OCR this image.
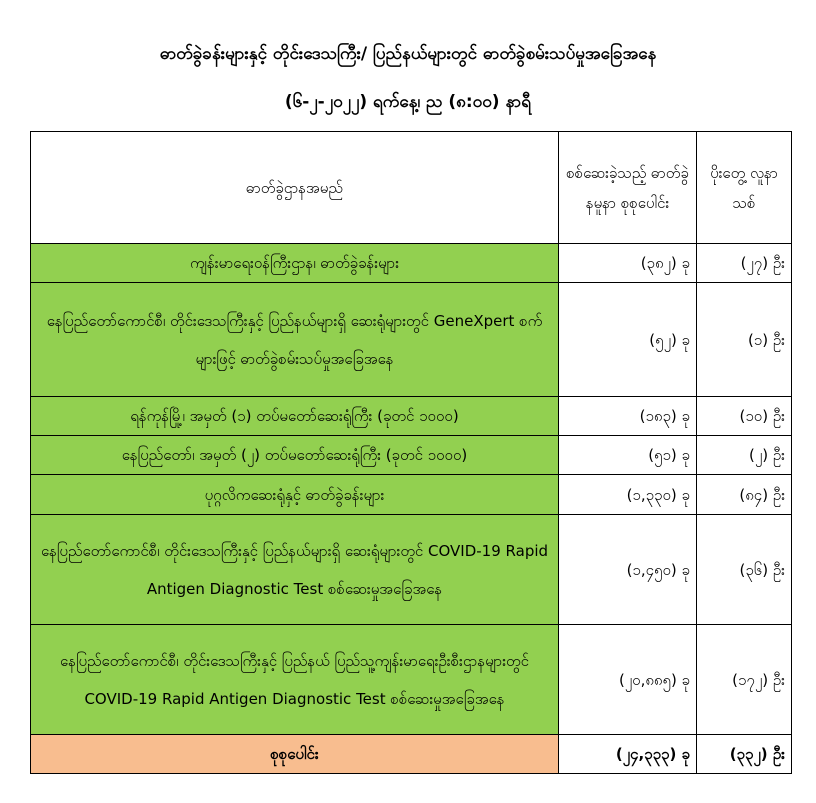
ဓာတ်ခွဲခန်းများနှင့် တိုင်းဒေသကြီး/ ပြည်နယ်များတွင် ဓာတ်ခွဲစမ်းသပ်မှုအခြေအနေ
(၆-၂-၂၀၂၂) ရက်နေ့၊ ည (၈:၀၀) နာရီ
ဓာတ်ခွဲဌာနအမည်	စစ်ဆေးခဲ့သည့် ဓာတ်ခွဲနမူနာ စုစုပေါင်း	ပိုးတွေ့ လူနာသစ်
ကျန်းမာရေး၀န်ကြီးဌာန၊ ဓာတ်ခွဲခန်းများ	(၃၈၂) ခု	(၂၇) ဦး
နေပြည်တော်ကောင်စီ၊ တိုင်းဒေသကြီးနှင့် ပြည်နယ်များရှိ ဆေးရုံများတွင် GeneXpert စက်များဖြင့် ဓာတ်ခွဲစမ်းသပ်မှုအခြေအနေ	(၅၂) ခု	(၁) ဦး
ရန်ကုန်မြို့၊ အမှတ် (၁) တပ်မတော်ဆေးရုံကြီး (ခုတင် ၁၀၀၀)	(၁၈၃) ခု	(၁၀) ဦး
နေပြည်တော်၊ အမှတ် (၂) တပ်မတော်ဆေးရုံကြီး (ခုတင် ၁၀၀၀)	(၅၁) ခု	(၂) ဦး
ပုဂ္ဂလိကဆေးရုံနှင့် ဓာတ်ခွဲခန်းများ	(၁,၃၃၀) ခု	(၈၄) ဦး
နေပြည်တော်ကောင်စီ၊ တိုင်းဒေသကြီးနှင့် ပြည်နယ်များရှိ ဆေးရုံများတွင် COVID-19 Rapid Antigen Diagnostic Test စစ်ဆေးမှုအခြေအနေ	(၁,၄၅၀) ခု	(၃၆) ဦး
နေပြည်တော်ကောင်စီ၊ တိုင်းဒေသကြီးနှင့် ပြည်နယ် ပြည်သူ့ကျန်းမာရေးဦးစီးဌာနများတွင် COVID-19 Rapid Antigen Diagnostic Test စစ်ဆေးမှုအခြေအနေ	(၂၀,၈၈၅) ခု	(၁၇၂) ဦး
စုစုပေါင်း	(၂၄,၃၃၃) ခု	(၃၃၂) ဦး
